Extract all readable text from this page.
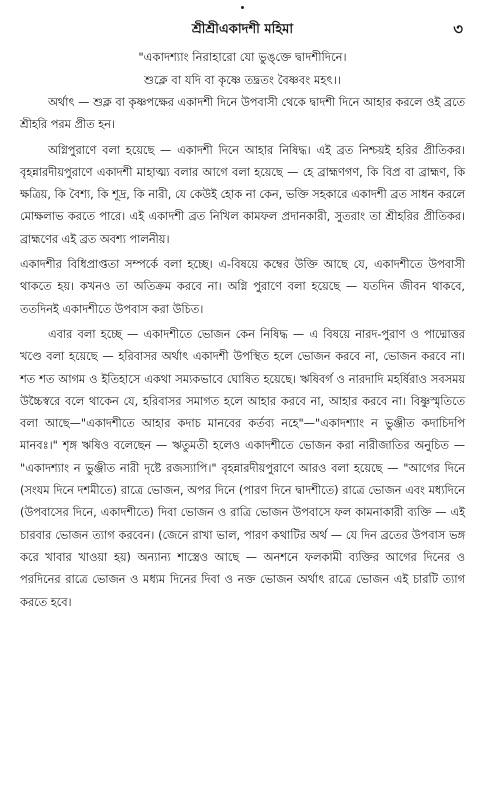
শ্রীশ্রীএকাদশী মহিমা	৩
"একাদশ্যাং নিরাহারো যো ভুঙ্‌ক্তে দ্বাদশীদিনে।
শুক্লে বা যদি বা কৃষ্ণে তদ্ব্রতং বৈষ্ণবং মহৎ।।

অর্থাৎ — শুক্ল বা কৃষ্ণপক্ষের একাদশী দিনে উপবাসী থেকে দ্বাদশী দিনে আহার করলে ওই ব্রতে শ্রীহরি পরম প্রীত হন।

অগ্নিপুরাণে বলা হয়েছে — একাদশী দিনে আহার নিষিদ্ধ। এই ব্রত নিশ্চয়ই হরির প্রীতিকর। বৃহন্নারদীয়পুরাণে একাদশী মাহাত্ম্য বলার আগে বলা হয়েছে — হে ব্রাহ্মণগণ, কি বিপ্র বা ব্রাহ্মণ, কি ক্ষত্রিয়, কি বৈশ্য, কি শূদ্র, কি নারী, যে কেউই হোক না কেন, ভক্তি সহকারে একাদশী ব্রত সাধন করলে মোক্ষলাভ করতে পারে। এই একাদশী ব্রত নিখিল কামফল প্রদানকারী, সুতরাং তা শ্রীহরির প্রীতিকর। ব্রাহ্মণের এই ব্রত অবশ্য পালনীয়।

একাদশীর বিধিপ্রাপ্ততা সম্পর্কে বলা হচ্ছে। এ-বিষয়ে কম্বের উক্তি আছে যে, একাদশীতে উপবাসী থাকতে হয়। কখনও তা অতিক্রম করবে না। অগ্নি পুরাণে বলা হয়েছে — যতদিন জীবন থাকবে, ততদিনই একাদশীতে উপবাস করা উচিত।

এবার বলা হচ্ছে — একাদশীতে ভোজন কেন নিষিদ্ধ — এ বিষয়ে নারদ-পুরাণ ও পাদ্মোত্তর খণ্ডে বলা হয়েছে — হরিবাসর অর্থাৎ একাদশী উপস্থিত হলে ভোজন করবে না, ভোজন করবে না। শত শত আগম ও ইতিহাসে একথা সম্যকভাবে ঘোষিত হয়েছে। ঋষিবর্গ ও নারদাদি মহর্ষিরাও সবসময় উচ্চৈস্বরে বলে থাকেন যে, হরিবাসর সমাগত হলে আহার করবে না, আহার করবে না। বিষ্ণুস্মৃতিতে বলা আছে—"একাদশীতে আহার কদাচ মানবের কর্তব্য নহে"—"একাদশ্যাং ন ভুঞ্জীত কদাচিদপি মানবঃ।" শৃঙ্গ ঋষিও বলেছেন — ঋতুমতী হলেও একাদশীতে ভোজন করা নারীজাতির অনুচিত — "একাদশ্যাং ন ভুঞ্জীত নারী দৃষ্টে রজস্যাপি।" বৃহন্নারদীয়পুরাণে আরও বলা হয়েছে — "আগের দিনে (সংযম দিনে দশমীতে) রাত্রে ভোজন, অপর দিনে (পারণ দিনে দ্বাদশীতে) রাত্রে ভোজন এবং মধ্যদিনে (উপবাসের দিনে, একাদশীতে) দিবা ভোজন ও রাত্রি ভোজন উপবাসে ফল কামনাকারী ব্যক্তি — এই চারবার ভোজন ত্যাগ করবেন। (জেনে রাখা ভাল, পারণ কথাটির অর্থ — যে দিন ব্রতের উপবাস ভঙ্গ করে খাবার খাওয়া হয়) অন্যান্য শাস্ত্রেও আছে — অনশনে ফলকামী ব্যক্তির আগের দিনের ও পরদিনের রাত্রে ভোজন ও মধ্যম দিনের দিবা ও নক্ত ভোজন অর্থাৎ রাত্রে ভোজন এই চারটি ত্যাগ করতে হবে।
